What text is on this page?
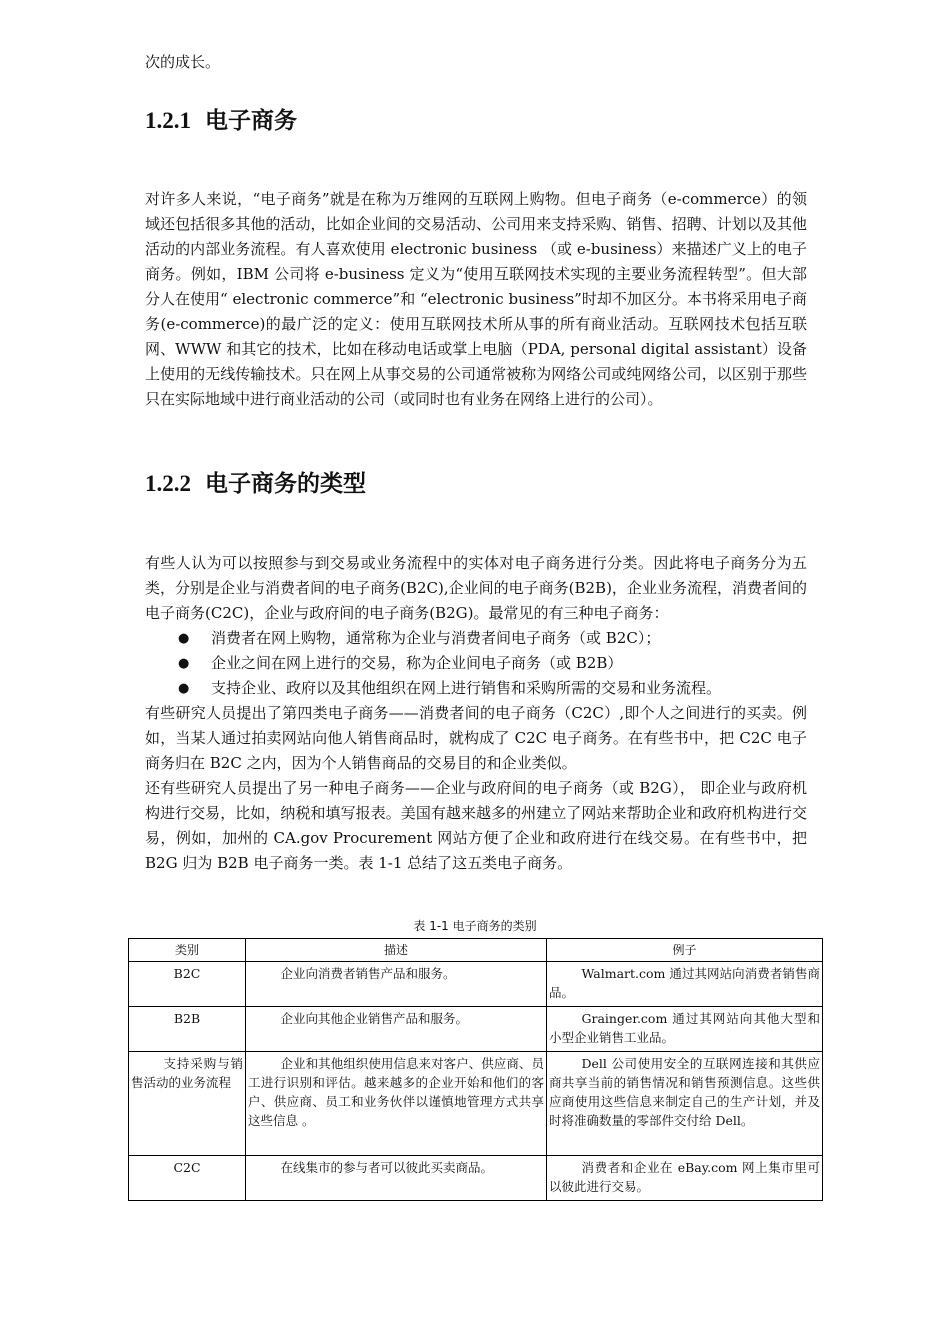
次的成长。

1.2.1 电子商务

对许多人来说，“电子商务”就是在称为万维网的互联网上购物。但电子商务（e-commerce）的领域还包括很多其他的活动，比如企业间的交易活动、公司用来支持采购、销售、招聘、计划以及其他活动的内部业务流程。有人喜欢使用 electronic business （或 e-business）来描述广义上的电子商务。例如，IBM 公司将 e-business 定义为“使用互联网技术实现的主要业务流程转型”。但大部分人在使用“ electronic commerce”和 “electronic business”时却不加区分。本书将采用电子商务(e-commerce)的最广泛的定义：使用互联网技术所从事的所有商业活动。互联网技术包括互联网、WWW 和其它的技术，比如在移动电话或掌上电脑（PDA, personal digital assistant）设备上使用的无线传输技术。只在网上从事交易的公司通常被称为网络公司或纯网络公司，以区别于那些只在实际地域中进行商业活动的公司（或同时也有业务在网络上进行的公司）。

1.2.2 电子商务的类型

有些人认为可以按照参与到交易或业务流程中的实体对电子商务进行分类。因此将电子商务分为五类，分别是企业与消费者间的电子商务(B2C),企业间的电子商务(B2B)，企业业务流程，消费者间的电子商务(C2C)，企业与政府间的电子商务(B2G)。最常见的有三种电子商务：

● 消费者在网上购物，通常称为企业与消费者间电子商务（或 B2C）；
● 企业之间在网上进行的交易，称为企业间电子商务（或 B2B）
● 支持企业、政府以及其他组织在网上进行销售和采购所需的交易和业务流程。

有些研究人员提出了第四类电子商务——消费者间的电子商务（C2C）,即个人之间进行的买卖。例如，当某人通过拍卖网站向他人销售商品时，就构成了 C2C 电子商务。在有些书中，把 C2C 电子商务归在 B2C 之内，因为个人销售商品的交易目的和企业类似。

还有些研究人员提出了另一种电子商务——企业与政府间的电子商务（或 B2G）， 即企业与政府机构进行交易，比如，纳税和填写报表。美国有越来越多的州建立了网站来帮助企业和政府机构进行交易，例如，加州的 CA.gov Procurement 网站方便了企业和政府进行在线交易。在有些书中，把 B2G 归为 B2B 电子商务一类。表 1-1 总结了这五类电子商务。

表 1-1 电子商务的类别
类别	描述	例子
B2C	企业向消费者销售产品和服务。	Walmart.com 通过其网站向消费者销售商品。
B2B	企业向其他企业销售产品和服务。	Grainger.com 通过其网站向其他大型和小型企业销售工业品。
支持采购与销售活动的业务流程	企业和其他组织使用信息来对客户、供应商、员工进行识别和评估。越来越多的企业开始和他们的客户、供应商、员工和业务伙伴以谨慎地管理方式共享这些信息 。	Dell 公司使用安全的互联网连接和其供应商共享当前的销售情况和销售预测信息。这些供应商使用这些信息来制定自己的生产计划，并及时将准确数量的零部件交付给 Dell。
C2C	在线集市的参与者可以彼此买卖商品。	消费者和企业在 eBay.com 网上集市里可以彼此进行交易。
